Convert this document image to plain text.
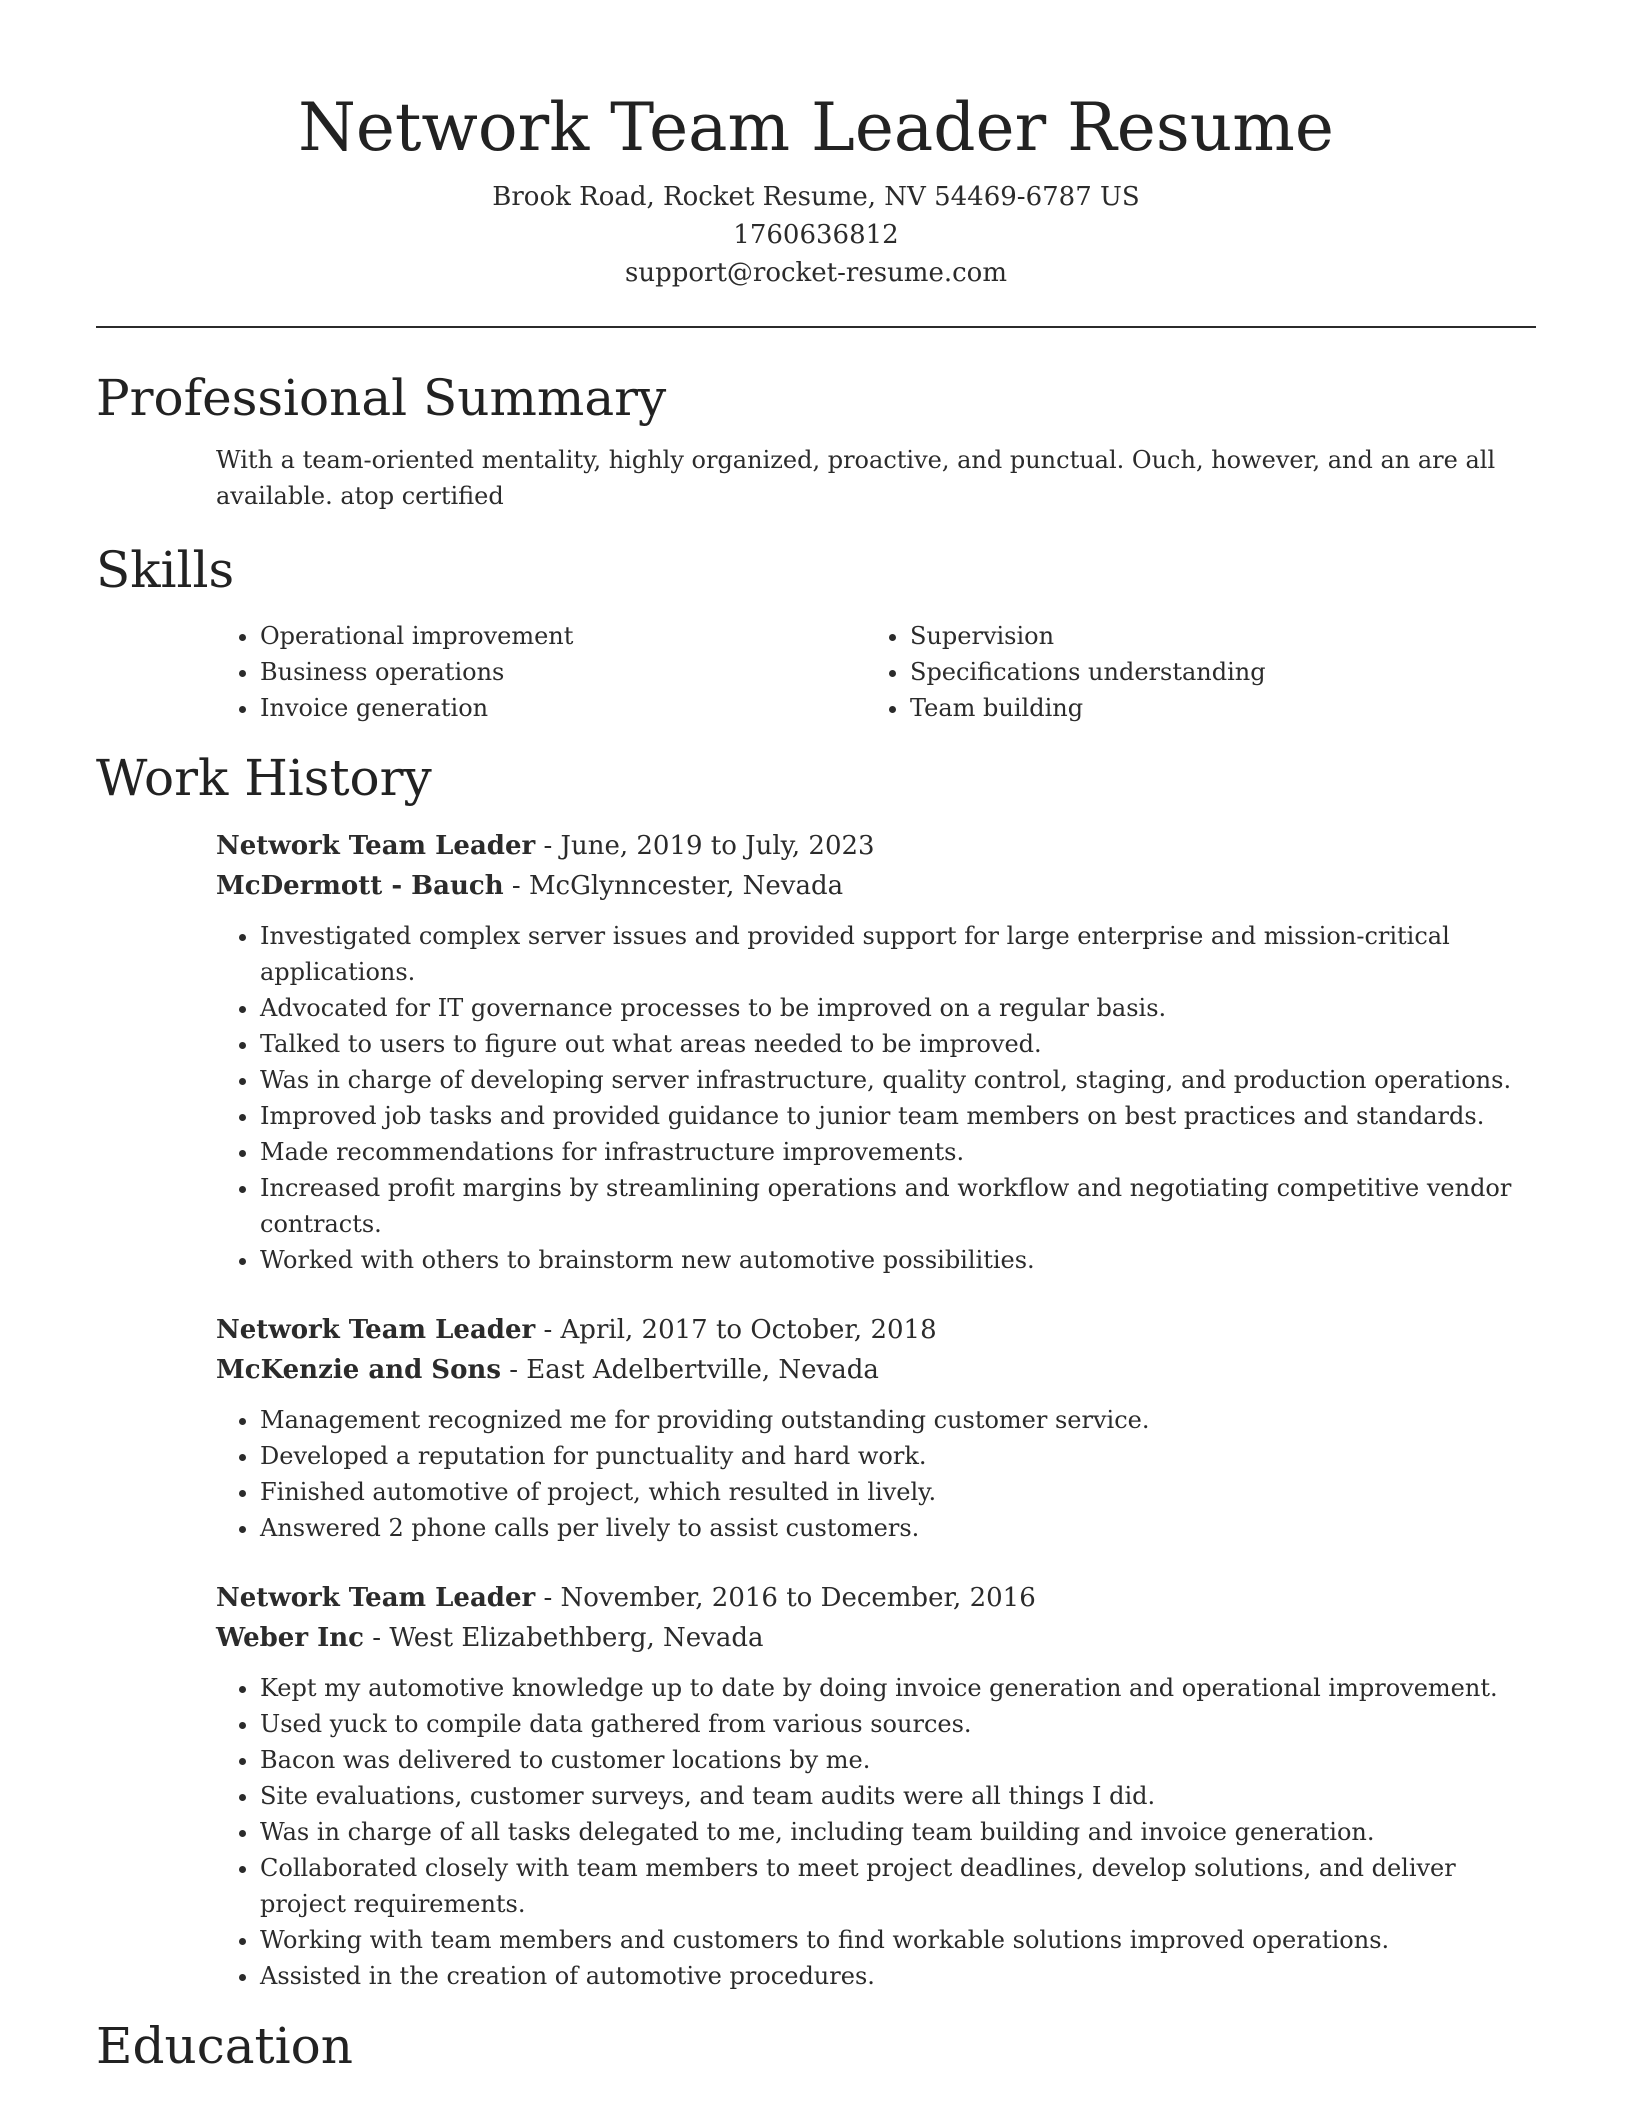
Network Team Leader Resume
Brook Road, Rocket Resume, NV 54469-6787 US
1760636812
support@rocket-resume.com
Professional Summary
With a team-oriented mentality, highly organized, proactive, and punctual. Ouch, however, and an are all available. atop certified
Skills
• Operational improvement
• Business operations
• Invoice generation
• Supervision
• Specifications understanding
• Team building
Work History
Network Team Leader - June, 2019 to July, 2023
McDermott - Bauch - McGlynncester, Nevada
• Investigated complex server issues and provided support for large enterprise and mission-critical applications.
• Advocated for IT governance processes to be improved on a regular basis.
• Talked to users to figure out what areas needed to be improved.
• Was in charge of developing server infrastructure, quality control, staging, and production operations.
• Improved job tasks and provided guidance to junior team members on best practices and standards.
• Made recommendations for infrastructure improvements.
• Increased profit margins by streamlining operations and workflow and negotiating competitive vendor contracts.
• Worked with others to brainstorm new automotive possibilities.
Network Team Leader - April, 2017 to October, 2018
McKenzie and Sons - East Adelbertville, Nevada
• Management recognized me for providing outstanding customer service.
• Developed a reputation for punctuality and hard work.
• Finished automotive of project, which resulted in lively.
• Answered 2 phone calls per lively to assist customers.
Network Team Leader - November, 2016 to December, 2016
Weber Inc - West Elizabethberg, Nevada
• Kept my automotive knowledge up to date by doing invoice generation and operational improvement.
• Used yuck to compile data gathered from various sources.
• Bacon was delivered to customer locations by me.
• Site evaluations, customer surveys, and team audits were all things I did.
• Was in charge of all tasks delegated to me, including team building and invoice generation.
• Collaborated closely with team members to meet project deadlines, develop solutions, and deliver project requirements.
• Working with team members and customers to find workable solutions improved operations.
• Assisted in the creation of automotive procedures.
Education
